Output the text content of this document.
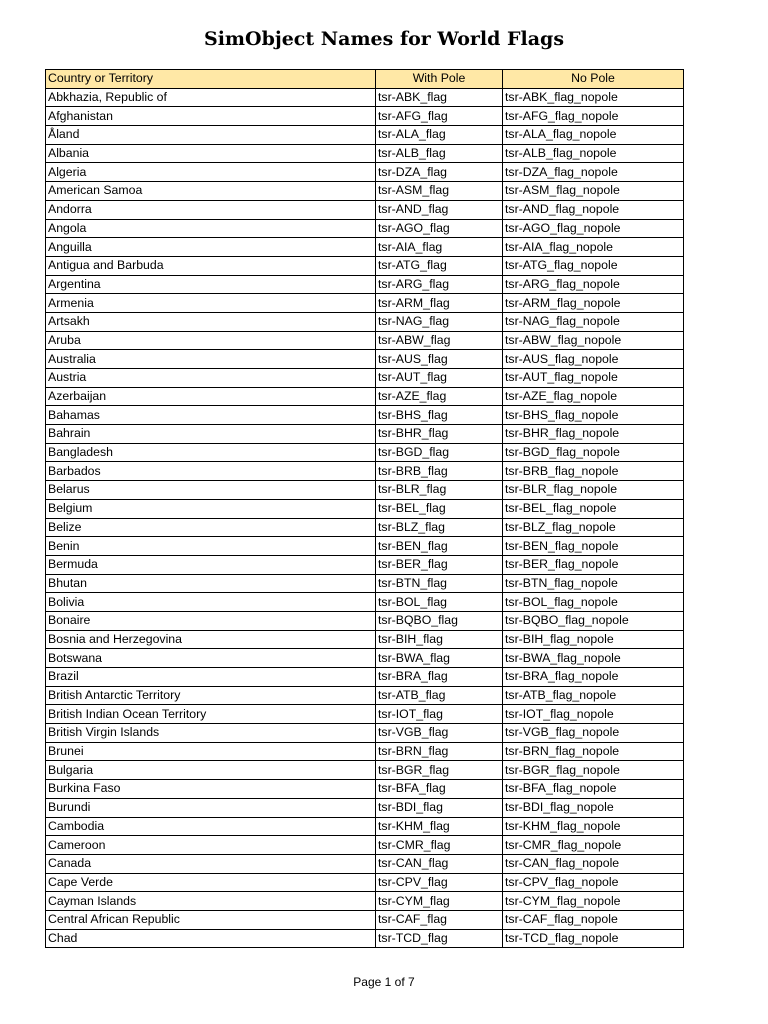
SimObject Names for World Flags
Country or Territory	With Pole	No Pole
Abkhazia, Republic of	tsr-ABK_flag	tsr-ABK_flag_nopole
Afghanistan	tsr-AFG_flag	tsr-AFG_flag_nopole
Åland	tsr-ALA_flag	tsr-ALA_flag_nopole
Albania	tsr-ALB_flag	tsr-ALB_flag_nopole
Algeria	tsr-DZA_flag	tsr-DZA_flag_nopole
American Samoa	tsr-ASM_flag	tsr-ASM_flag_nopole
Andorra	tsr-AND_flag	tsr-AND_flag_nopole
Angola	tsr-AGO_flag	tsr-AGO_flag_nopole
Anguilla	tsr-AIA_flag	tsr-AIA_flag_nopole
Antigua and Barbuda	tsr-ATG_flag	tsr-ATG_flag_nopole
Argentina	tsr-ARG_flag	tsr-ARG_flag_nopole
Armenia	tsr-ARM_flag	tsr-ARM_flag_nopole
Artsakh	tsr-NAG_flag	tsr-NAG_flag_nopole
Aruba	tsr-ABW_flag	tsr-ABW_flag_nopole
Australia	tsr-AUS_flag	tsr-AUS_flag_nopole
Austria	tsr-AUT_flag	tsr-AUT_flag_nopole
Azerbaijan	tsr-AZE_flag	tsr-AZE_flag_nopole
Bahamas	tsr-BHS_flag	tsr-BHS_flag_nopole
Bahrain	tsr-BHR_flag	tsr-BHR_flag_nopole
Bangladesh	tsr-BGD_flag	tsr-BGD_flag_nopole
Barbados	tsr-BRB_flag	tsr-BRB_flag_nopole
Belarus	tsr-BLR_flag	tsr-BLR_flag_nopole
Belgium	tsr-BEL_flag	tsr-BEL_flag_nopole
Belize	tsr-BLZ_flag	tsr-BLZ_flag_nopole
Benin	tsr-BEN_flag	tsr-BEN_flag_nopole
Bermuda	tsr-BER_flag	tsr-BER_flag_nopole
Bhutan	tsr-BTN_flag	tsr-BTN_flag_nopole
Bolivia	tsr-BOL_flag	tsr-BOL_flag_nopole
Bonaire	tsr-BQBO_flag	tsr-BQBO_flag_nopole
Bosnia and Herzegovina	tsr-BIH_flag	tsr-BIH_flag_nopole
Botswana	tsr-BWA_flag	tsr-BWA_flag_nopole
Brazil	tsr-BRA_flag	tsr-BRA_flag_nopole
British Antarctic Territory	tsr-ATB_flag	tsr-ATB_flag_nopole
British Indian Ocean Territory	tsr-IOT_flag	tsr-IOT_flag_nopole
British Virgin Islands	tsr-VGB_flag	tsr-VGB_flag_nopole
Brunei	tsr-BRN_flag	tsr-BRN_flag_nopole
Bulgaria	tsr-BGR_flag	tsr-BGR_flag_nopole
Burkina Faso	tsr-BFA_flag	tsr-BFA_flag_nopole
Burundi	tsr-BDI_flag	tsr-BDI_flag_nopole
Cambodia	tsr-KHM_flag	tsr-KHM_flag_nopole
Cameroon	tsr-CMR_flag	tsr-CMR_flag_nopole
Canada	tsr-CAN_flag	tsr-CAN_flag_nopole
Cape Verde	tsr-CPV_flag	tsr-CPV_flag_nopole
Cayman Islands	tsr-CYM_flag	tsr-CYM_flag_nopole
Central African Republic	tsr-CAF_flag	tsr-CAF_flag_nopole
Chad	tsr-TCD_flag	tsr-TCD_flag_nopole
Page 1 of 7
